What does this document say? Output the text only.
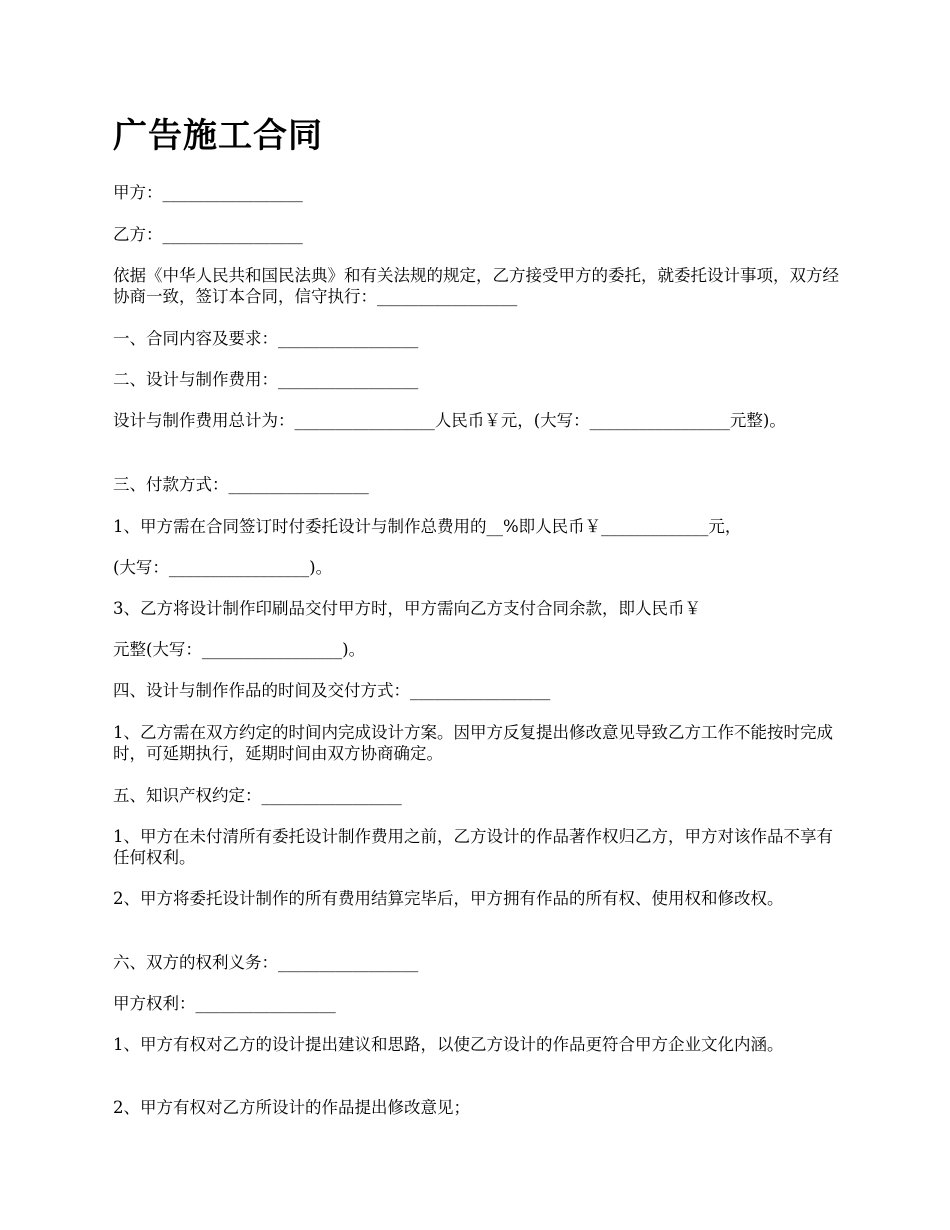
广告施工合同

甲方：_________________

乙方：_________________

依据《中华人民共和国民法典》和有关法规的规定，乙方接受甲方的委托，就委托设计事项，双方经协商一致，签订本合同，信守执行：_________________

一、合同内容及要求：_________________

二、设计与制作费用：_________________

设计与制作费用总计为：_________________人民币￥元，(大写：_________________元整)。

三、付款方式：_________________

1、甲方需在合同签订时付委托设计与制作总费用的__%即人民币￥_____________元，

(大写：_________________)。

3、乙方将设计制作印刷品交付甲方时，甲方需向乙方支付合同余款，即人民币￥

元整(大写：_________________)。

四、设计与制作作品的时间及交付方式：_________________

1、乙方需在双方约定的时间内完成设计方案。因甲方反复提出修改意见导致乙方工作不能按时完成时，可延期执行，延期时间由双方协商确定。

五、知识产权约定：_________________

1、甲方在未付清所有委托设计制作费用之前，乙方设计的作品著作权归乙方，甲方对该作品不享有任何权利。

2、甲方将委托设计制作的所有费用结算完毕后，甲方拥有作品的所有权、使用权和修改权。

六、双方的权利义务：_________________

甲方权利：_________________

1、甲方有权对乙方的设计提出建议和思路，以使乙方设计的作品更符合甲方企业文化内涵。

2、甲方有权对乙方所设计的作品提出修改意见；
